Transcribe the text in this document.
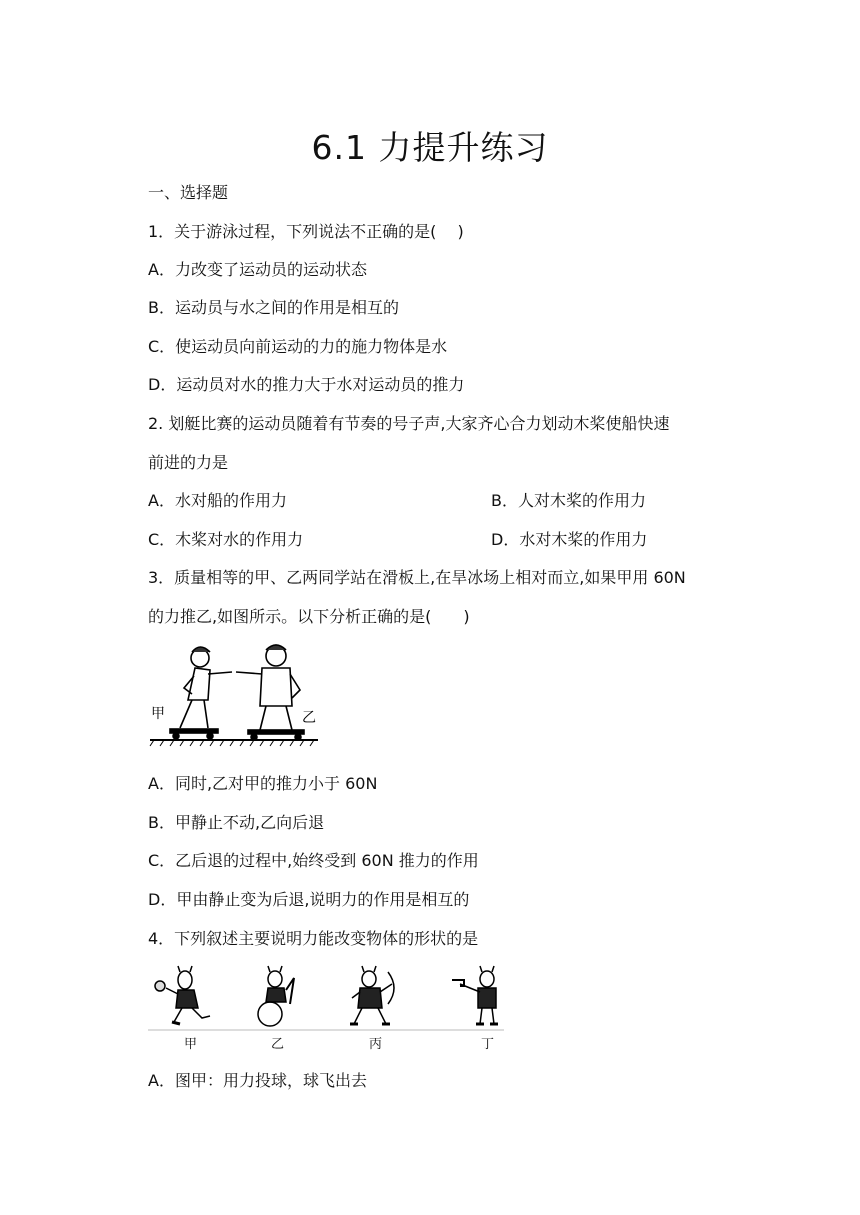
6.1 力提升练习
一、选择题
1．关于游泳过程，下列说法不正确的是(　 )
A．力改变了运动员的运动状态
B．运动员与水之间的作用是相互的
C．使运动员向前运动的力的施力物体是水
D．运动员对水的推力大于水对运动员的推力
2. 划艇比赛的运动员随着有节奏的号子声,大家齐心合力划动木桨使船快速
前进的力是
A．水对船的作用力	B．人对木桨的作用力
C．木桨对水的作用力	D．水对木桨的作用力
3．质量相等的甲、乙两同学站在滑板上,在旱冰场上相对而立,如果甲用 60N
的力推乙,如图所示。以下分析正确的是(　　)
甲	乙
A．同时,乙对甲的推力小于 60N
B．甲静止不动,乙向后退
C．乙后退的过程中,始终受到 60N 推力的作用
D．甲由静止变为后退,说明力的作用是相互的
4．下列叙述主要说明力能改变物体的形状的是
甲	乙	丙	丁
A．图甲：用力投球，球飞出去
